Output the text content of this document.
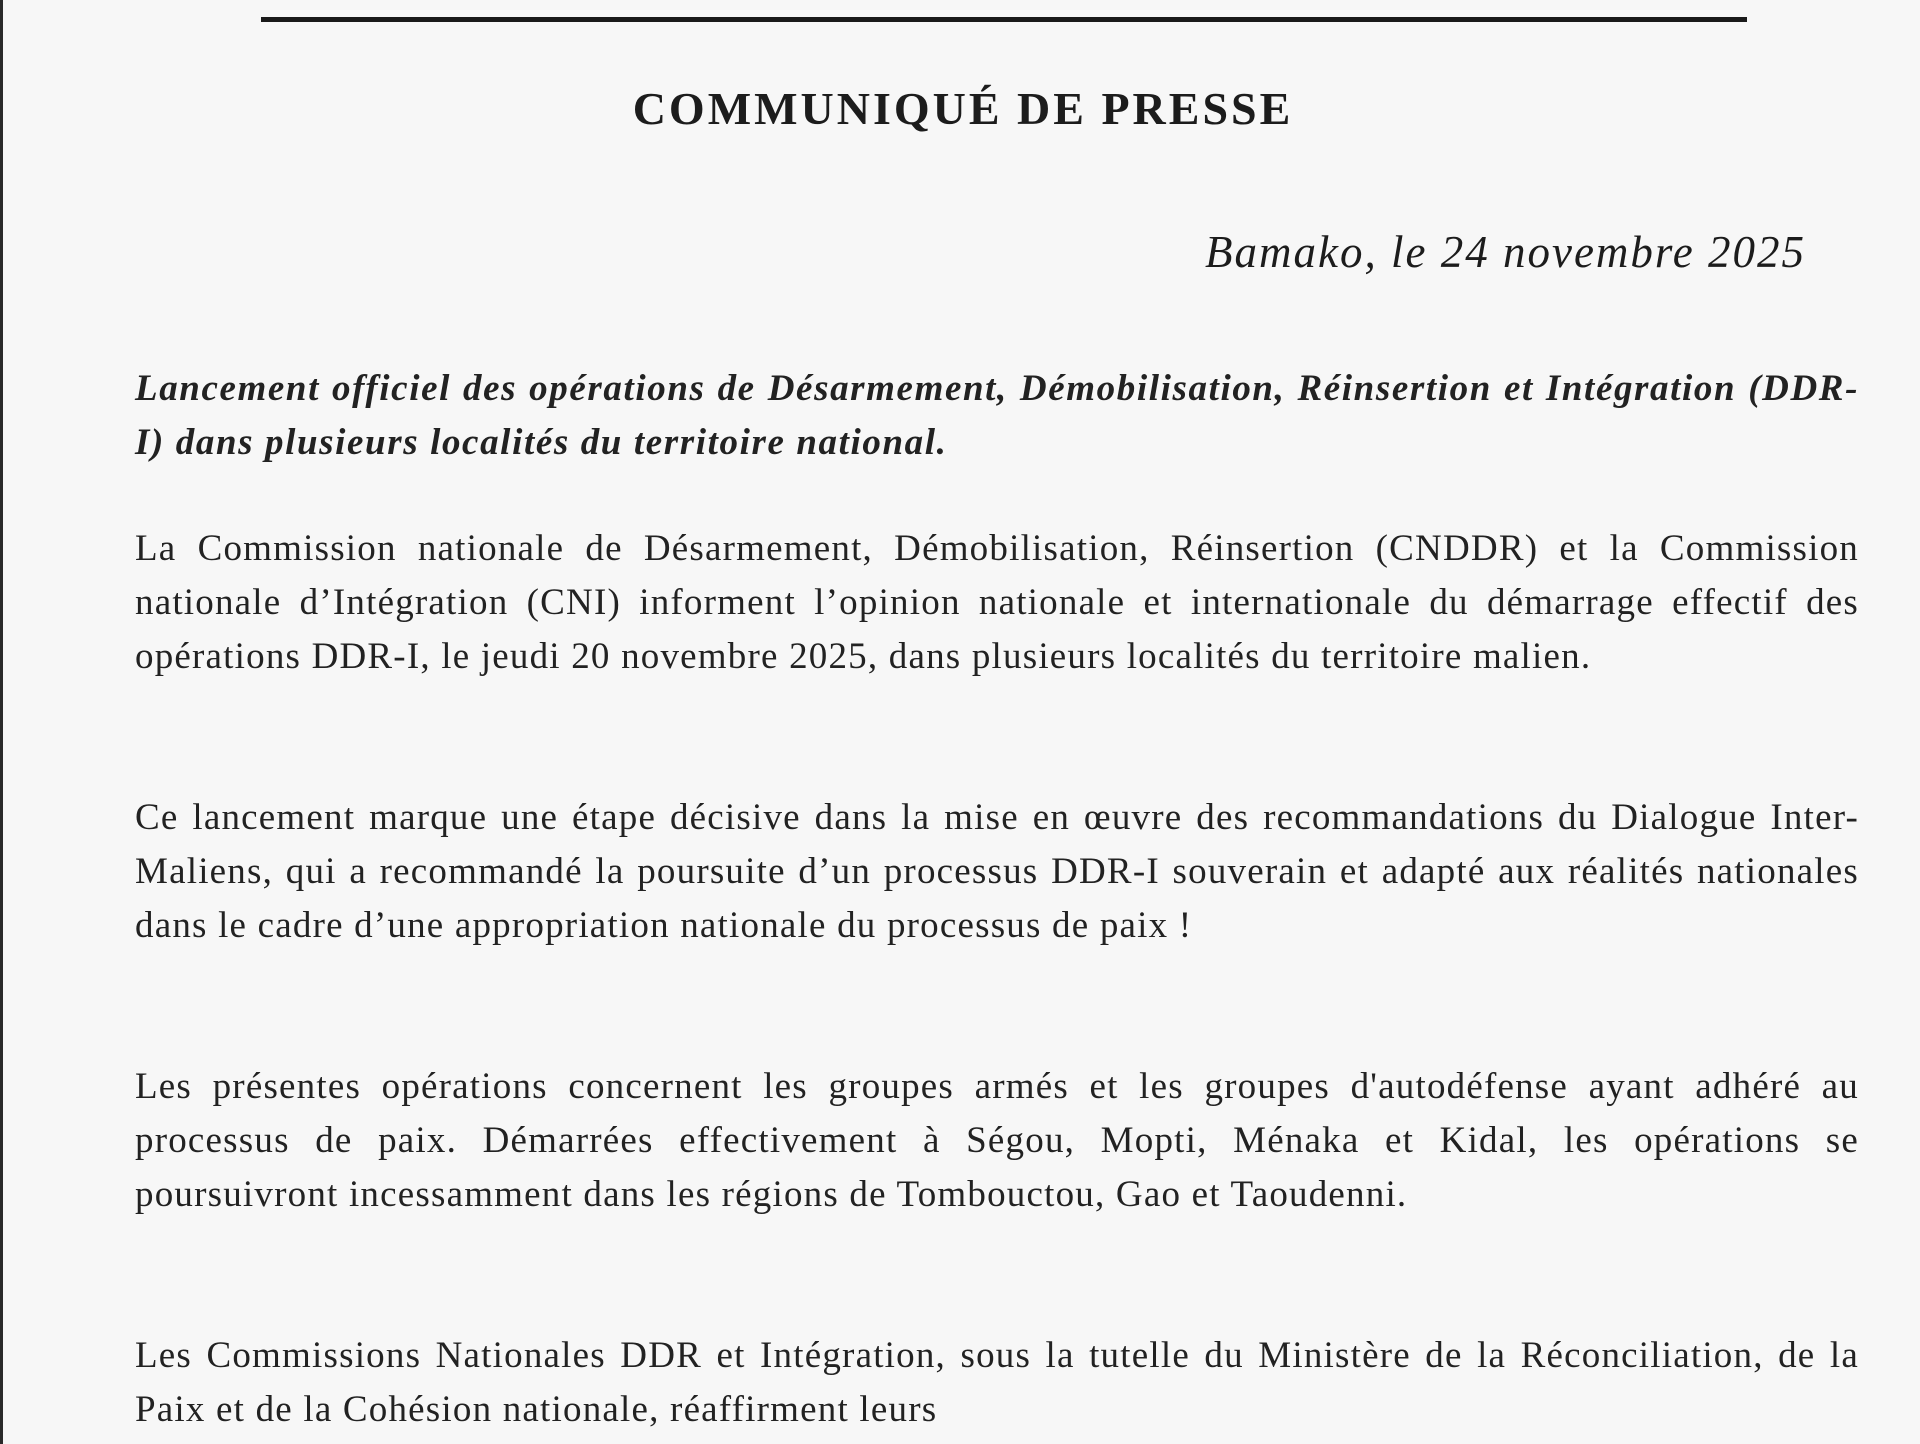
COMMUNIQUÉ DE PRESSE
Bamako, le 24 novembre 2025

Lancement officiel des opérations de Désarmement, Démobilisation, Réinsertion et Intégration (DDR-I) dans plusieurs localités du territoire national.

La Commission nationale de Désarmement, Démobilisation, Réinsertion (CNDDR) et la Commission nationale d’Intégration (CNI) informent l’opinion nationale et internationale du démarrage effectif des opérations DDR-I, le jeudi 20 novembre 2025, dans plusieurs localités du territoire malien.

Ce lancement marque une étape décisive dans la mise en œuvre des recommandations du Dialogue Inter-Maliens, qui a recommandé la poursuite d’un processus DDR-I souverain et adapté aux réalités nationales dans le cadre d’une appropriation nationale du processus de paix !

Les présentes opérations concernent les groupes armés et les groupes d'autodéfense ayant adhéré au processus de paix. Démarrées effectivement à Ségou, Mopti, Ménaka et Kidal, les opérations se poursuivront incessamment dans les régions de Tombouctou, Gao et Taoudenni.

Les Commissions Nationales DDR et Intégration, sous la tutelle du Ministère de la Réconciliation, de la Paix et de la Cohésion nationale, réaffirment leurs
